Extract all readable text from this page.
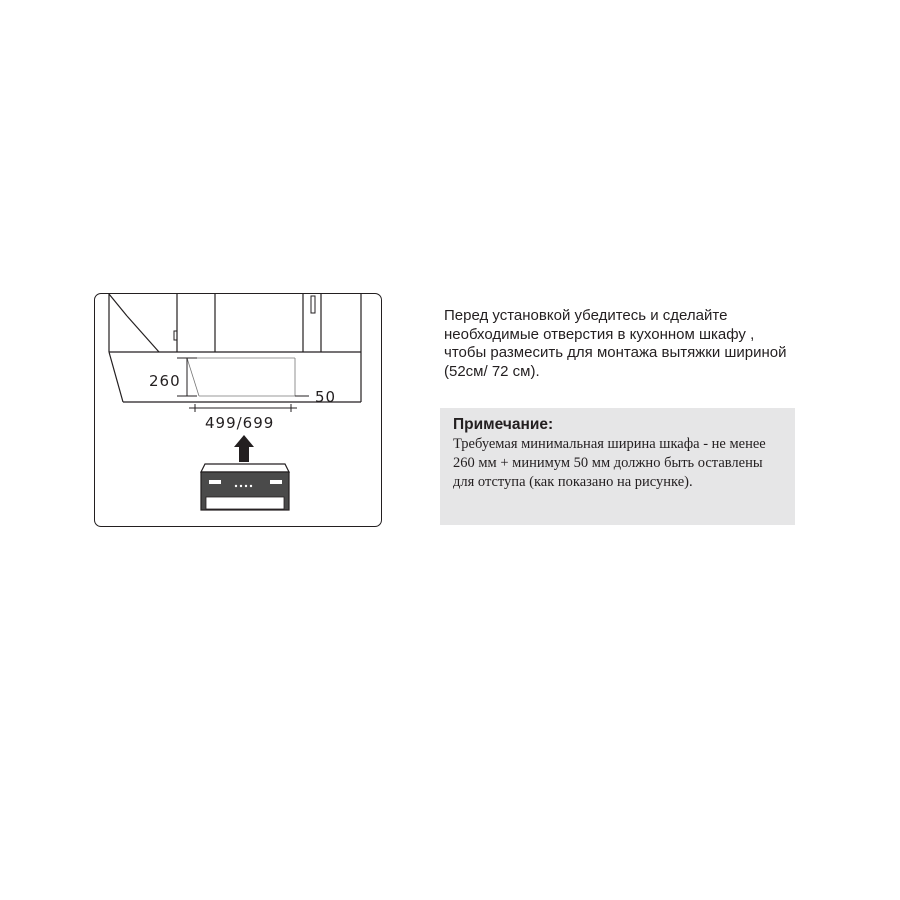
260
50
499/699

Перед установкой убедитесь и сделайте необходимые отверстия в кухонном шкафу , чтобы размесить для монтажа вытяжки шириной (52см/ 72 см).

Примечание:

Требуемая минимальная ширина шкафа - не менее 260 мм + минимум 50 мм должно быть оставлены для отступа (как показано на рисунке).
